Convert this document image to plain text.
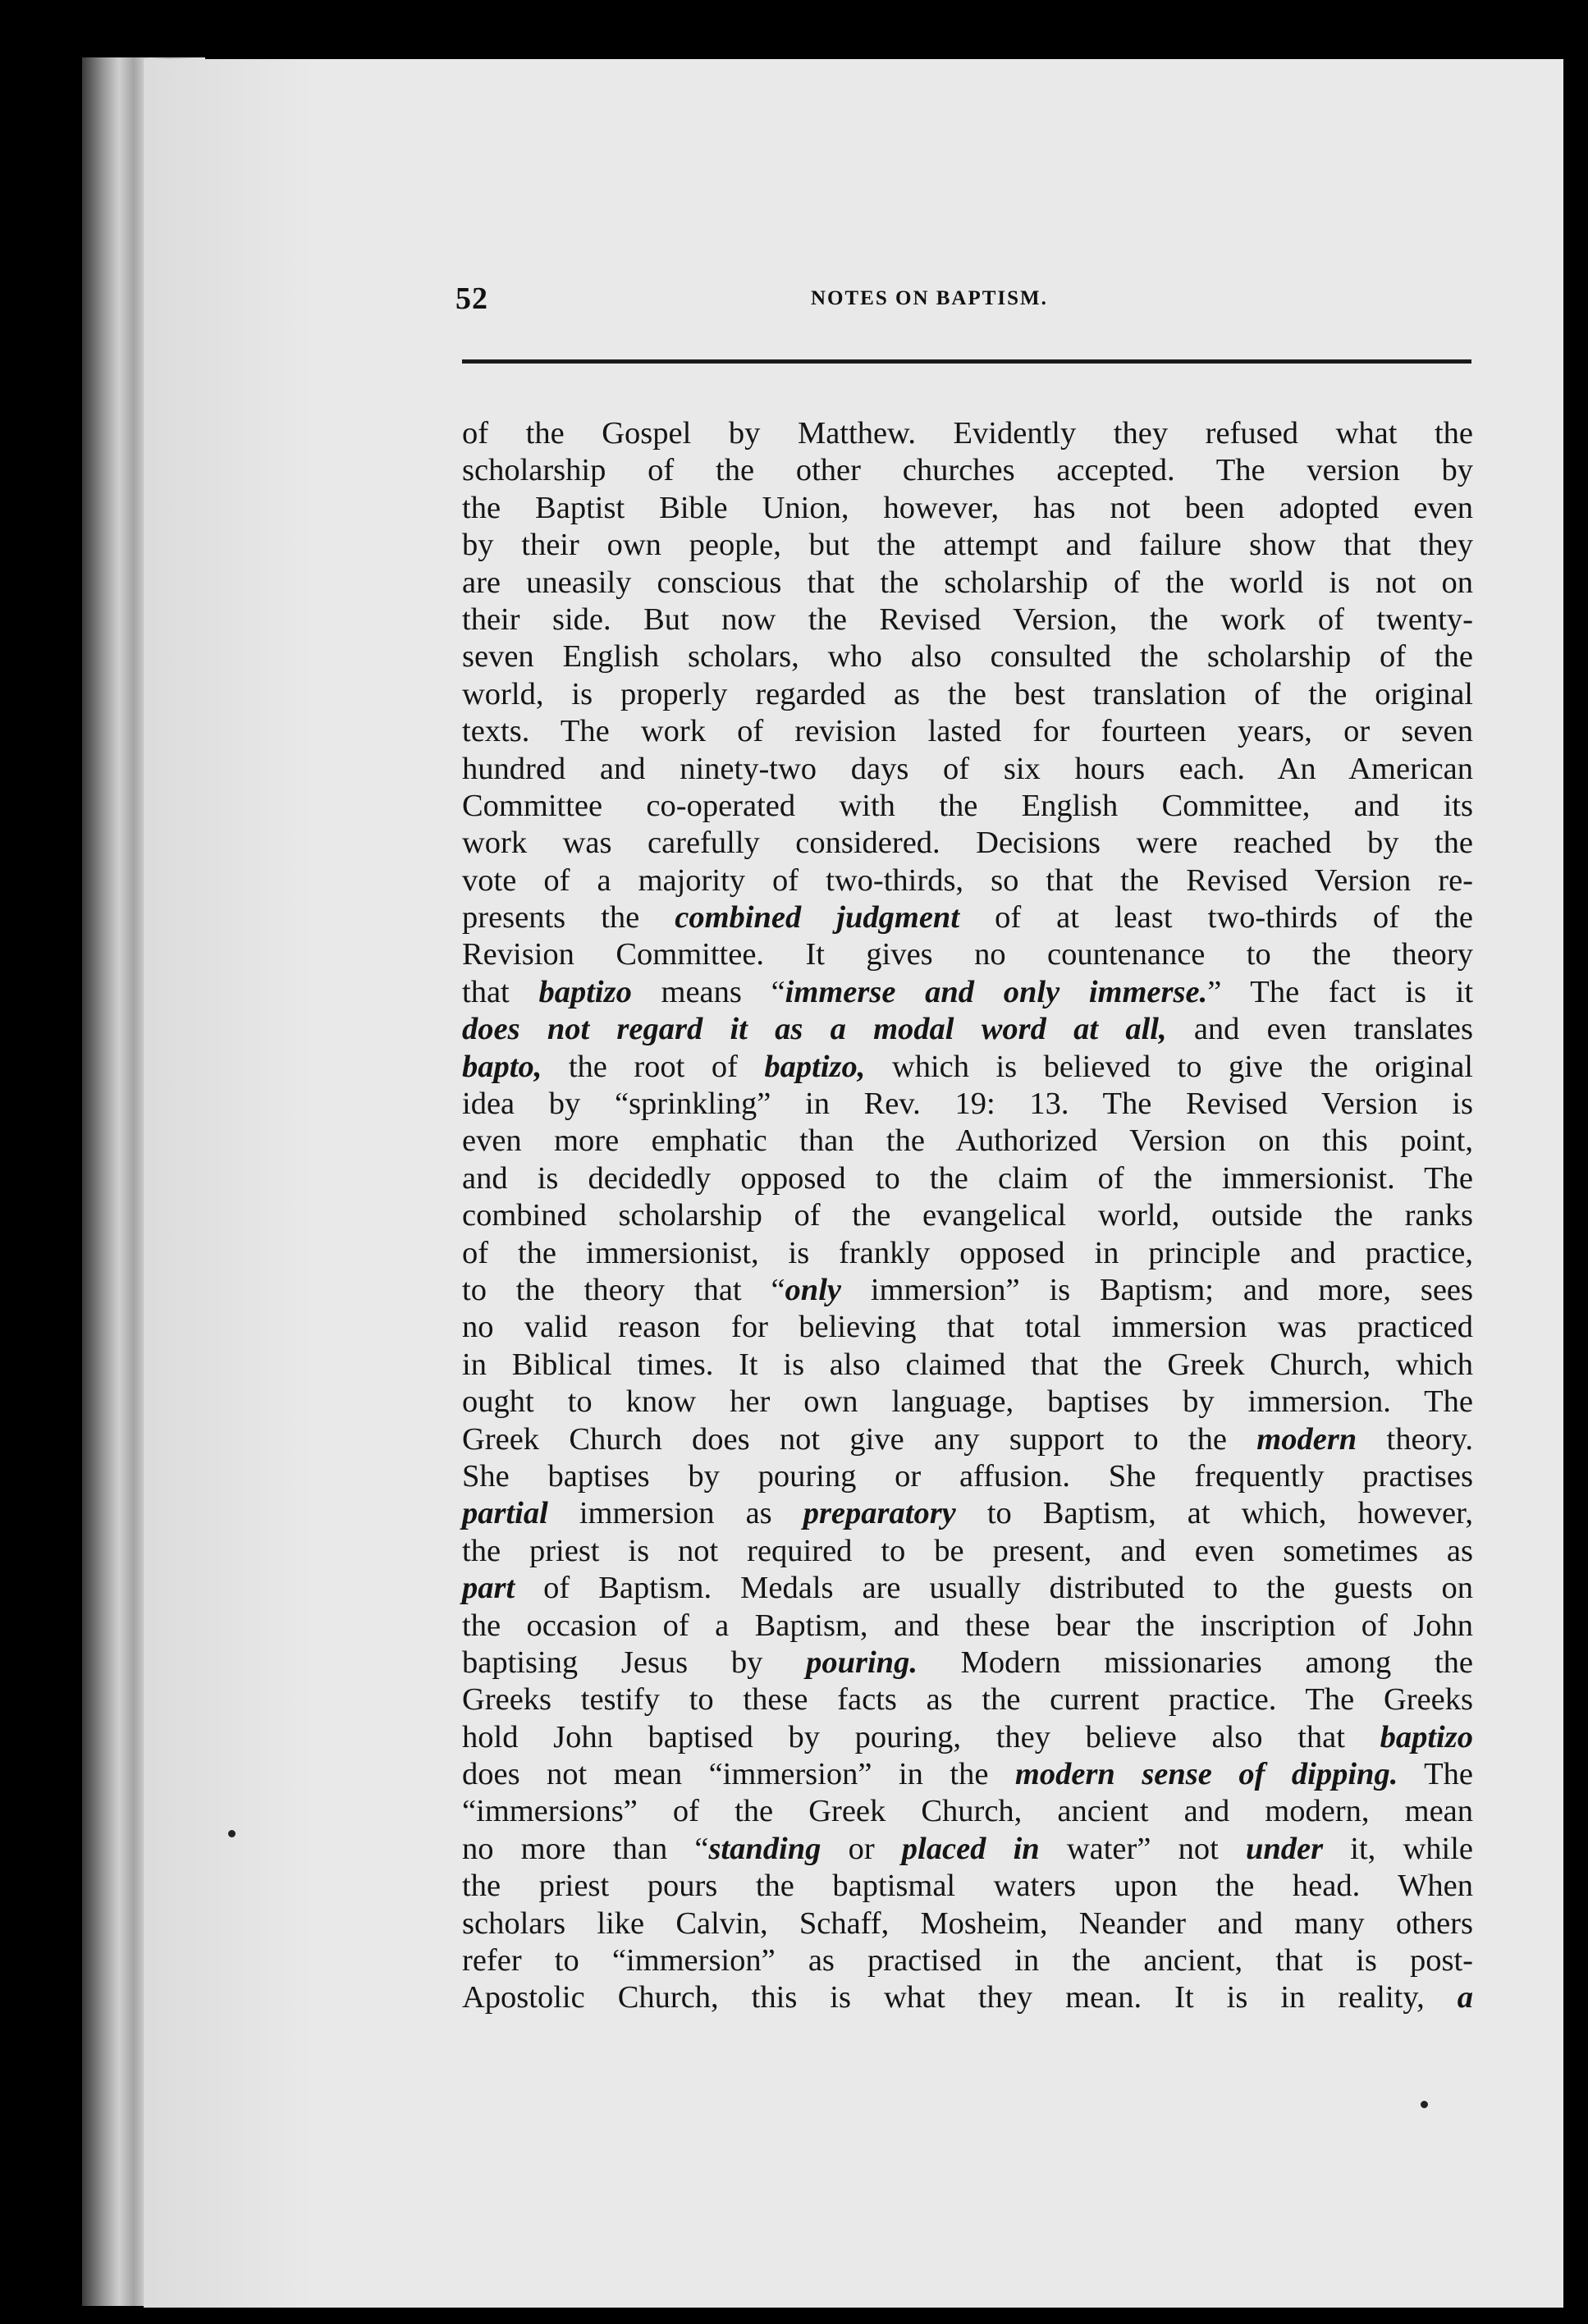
52	NOTES ON BAPTISM.
of the Gospel by Matthew. Evidently they refused what the
scholarship of the other churches accepted. The version by
the Baptist Bible Union, however, has not been adopted even
by their own people, but the attempt and failure show that they
are uneasily conscious that the scholarship of the world is not on
their side. But now the Revised Version, the work of twenty-
seven English scholars, who also consulted the scholarship of the
world, is properly regarded as the best translation of the original
texts. The work of revision lasted for fourteen years, or seven
hundred and ninety-two days of six hours each. An American
Committee co-operated with the English Committee, and its
work was carefully considered. Decisions were reached by the
vote of a majority of two-thirds, so that the Revised Version re-
presents the combined judgment of at least two-thirds of the
Revision Committee. It gives no countenance to the theory
that baptizo means “immerse and only immerse.” The fact is it
does not regard it as a modal word at all, and even translates
bapto, the root of baptizo, which is believed to give the original
idea by “sprinkling” in Rev. 19: 13. The Revised Version is
even more emphatic than the Authorized Version on this point,
and is decidedly opposed to the claim of the immersionist. The
combined scholarship of the evangelical world, outside the ranks
of the immersionist, is frankly opposed in principle and practice,
to the theory that “only immersion” is Baptism; and more, sees
no valid reason for believing that total immersion was practiced
in Biblical times. It is also claimed that the Greek Church, which
ought to know her own language, baptises by immersion. The
Greek Church does not give any support to the modern theory.
She baptises by pouring or affusion. She frequently practises
partial immersion as preparatory to Baptism, at which, however,
the priest is not required to be present, and even sometimes as
part of Baptism. Medals are usually distributed to the guests on
the occasion of a Baptism, and these bear the inscription of John
baptising Jesus by pouring. Modern missionaries among the
Greeks testify to these facts as the current practice. The Greeks
hold John baptised by pouring, they believe also that baptizo
does not mean “immersion” in the modern sense of dipping. The
“immersions” of the Greek Church, ancient and modern, mean
no more than “standing or placed in water” not under it, while
the priest pours the baptismal waters upon the head. When
scholars like Calvin, Schaff, Mosheim, Neander and many others
refer to “immersion” as practised in the ancient, that is post-
Apostolic Church, this is what they mean. It is in reality, a
